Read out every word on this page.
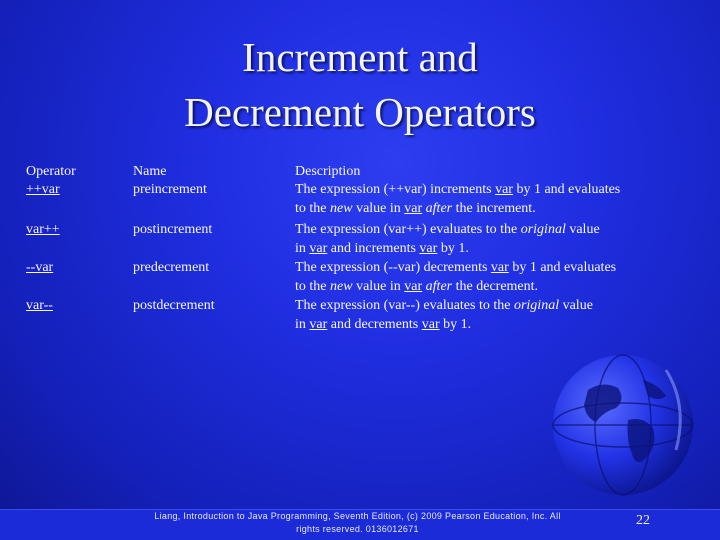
Increment and
Decrement Operators
Operator	Name	Description
++var	preincrement	The expression (++var) increments var by 1 and evaluates
to the new value in var after the increment.
var++	postincrement	The expression (var++) evaluates to the original value
in var and increments var by 1.
--var	predecrement	The expression (--var) decrements var by 1 and evaluates
to the new value in var after the decrement.
var--	postdecrement	The expression (var--) evaluates to the original value
in var and decrements var by 1.
Liang, Introduction to Java Programming, Seventh Edition, (c) 2009 Pearson Education, Inc. All
rights reserved. 0136012671
22
